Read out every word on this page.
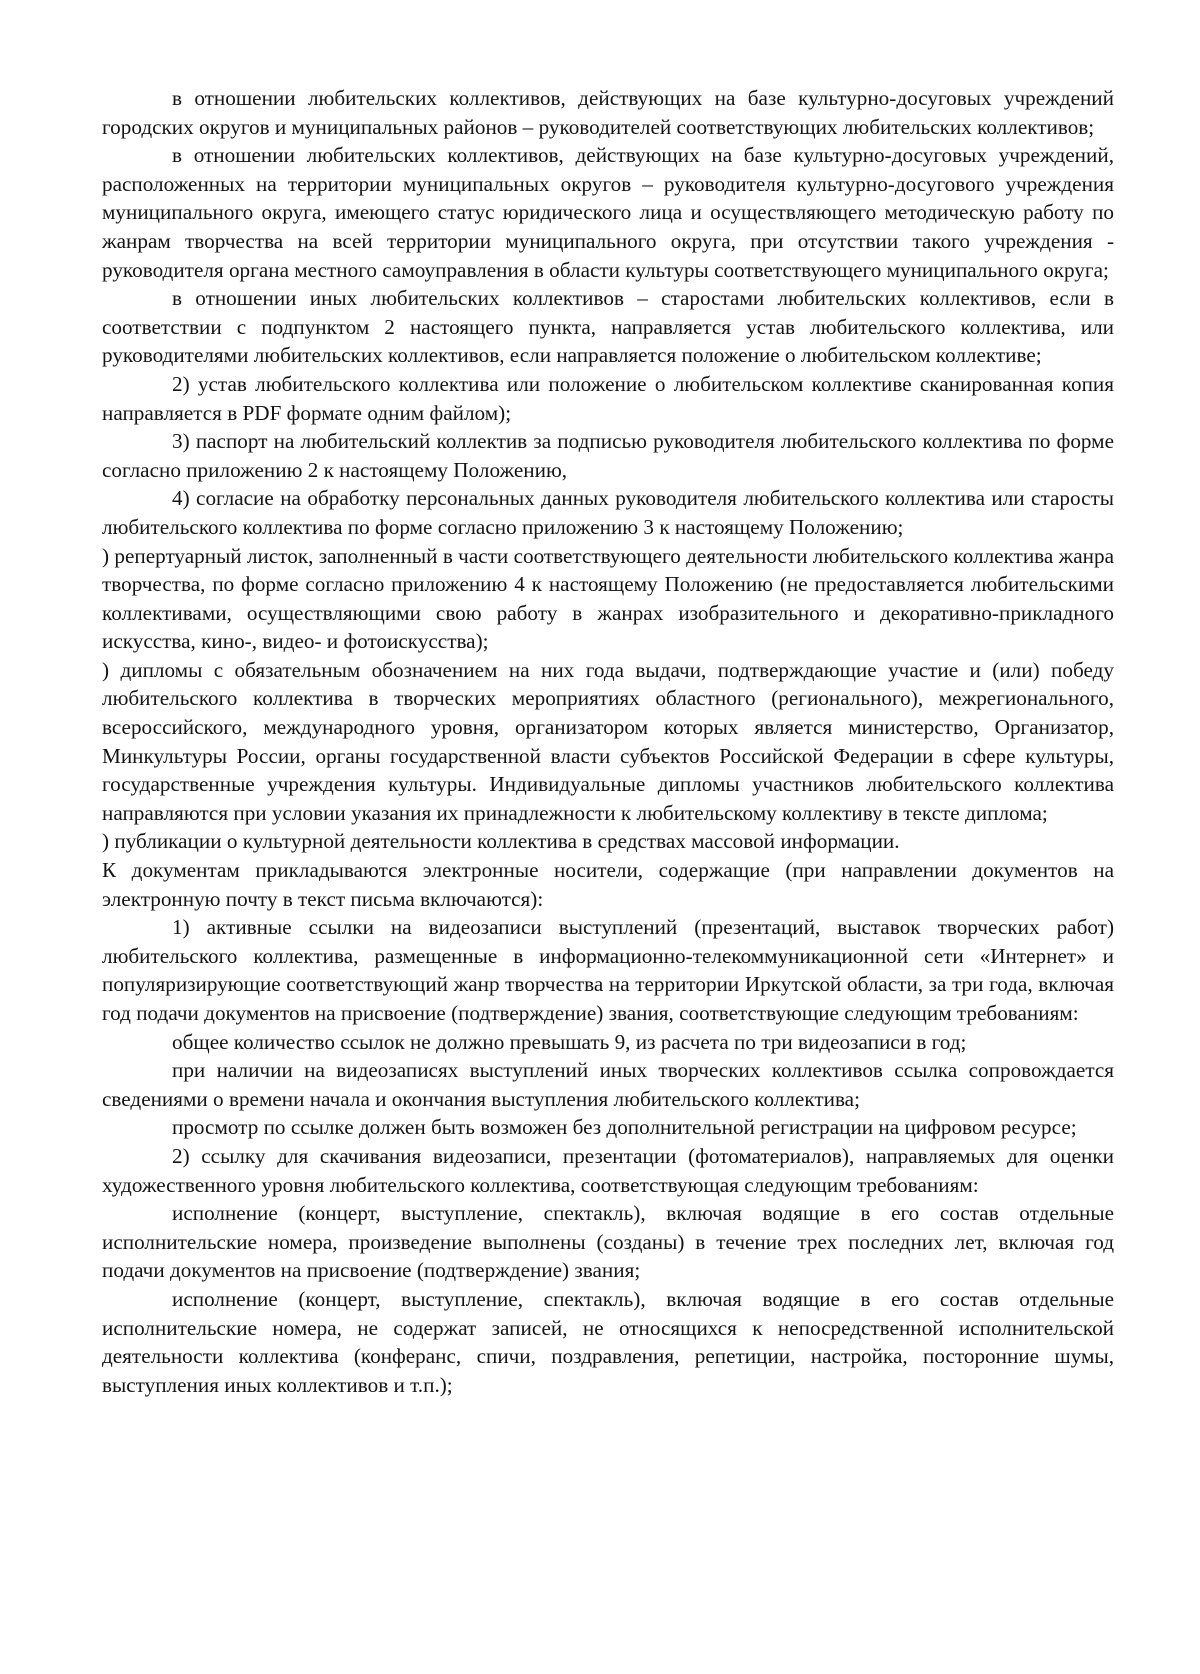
в отношении любительских коллективов, действующих на базе культурно-досуговых учреждений городских округов и муниципальных районов – руководителей соответствующих любительских коллективов;

в отношении любительских коллективов, действующих на базе культурно-досуговых учреждений, расположенных на территории муниципальных округов – руководителя культурно-досугового учреждения муниципального округа, имеющего статус юридического лица и осуществляющего методическую работу по жанрам творчества на всей территории муниципального округа, при отсутствии такого учреждения - руководителя органа местного самоуправления в области культуры соответствующего муниципального округа;

в отношении иных любительских коллективов – старостами любительских коллективов, если в соответствии с подпунктом 2 настоящего пункта, направляется устав любительского коллектива, или руководителями любительских коллективов, если направляется положение о любительском коллективе;

2) устав любительского коллектива или положение о любительском коллективе сканированная копия направляется в PDF формате одним файлом);

3) паспорт на любительский коллектив за подписью руководителя любительского коллектива по форме согласно приложению 2 к настоящему Положению,

4) согласие на обработку персональных данных руководителя любительского коллектива или старосты любительского коллектива по форме согласно приложению 3 к настоящему Положению;

) репертуарный листок, заполненный в части соответствующего деятельности любительского коллектива жанра творчества, по форме согласно приложению 4 к настоящему Положению (не предоставляется любительскими коллективами, осуществляющими свою работу в жанрах изобразительного и декоративно-прикладного искусства, кино-, видео- и фотоискусства);

) дипломы с обязательным обозначением на них года выдачи, подтверждающие участие и (или) победу любительского коллектива в творческих мероприятиях областного (регионального), межрегионального, всероссийского, международного уровня, организатором которых является министерство, Организатор, Минкультуры России, органы государственной власти субъектов Российской Федерации в сфере культуры, государственные учреждения культуры. Индивидуальные дипломы участников любительского коллектива направляются при условии указания их принадлежности к любительскому коллективу в тексте диплома;

) публикации о культурной деятельности коллектива в средствах массовой информации.

К документам прикладываются электронные носители, содержащие (при направлении документов на электронную почту в текст письма включаются):

1) активные ссылки на видеозаписи выступлений (презентаций, выставок творческих работ) любительского коллектива, размещенные в информационно-телекоммуникационной сети «Интернет» и популяризирующие соответствующий жанр творчества на территории Иркутской области, за три года, включая год подачи документов на присвоение (подтверждение) звания, соответствующие следующим требованиям:

общее количество ссылок не должно превышать 9, из расчета по три видеозаписи в год;

при наличии на видеозаписях выступлений иных творческих коллективов ссылка сопровождается сведениями о времени начала и окончания выступления любительского коллектива;

просмотр по ссылке должен быть возможен без дополнительной регистрации на цифровом ресурсе;

2) ссылку для скачивания видеозаписи, презентации (фотоматериалов), направляемых для оценки художественного уровня любительского коллектива, соответствующая следующим требованиям:

исполнение (концерт, выступление, спектакль), включая водящие в его состав отдельные исполнительские номера, произведение выполнены (созданы) в течение трех последних лет, включая год подачи документов на присвоение (подтверждение) звания;

исполнение (концерт, выступление, спектакль), включая водящие в его состав отдельные исполнительские номера, не содержат записей, не относящихся к непосредственной исполнительской деятельности коллектива (конферанс, спичи, поздравления, репетиции, настройка, посторонние шумы, выступления иных коллективов и т.п.);
